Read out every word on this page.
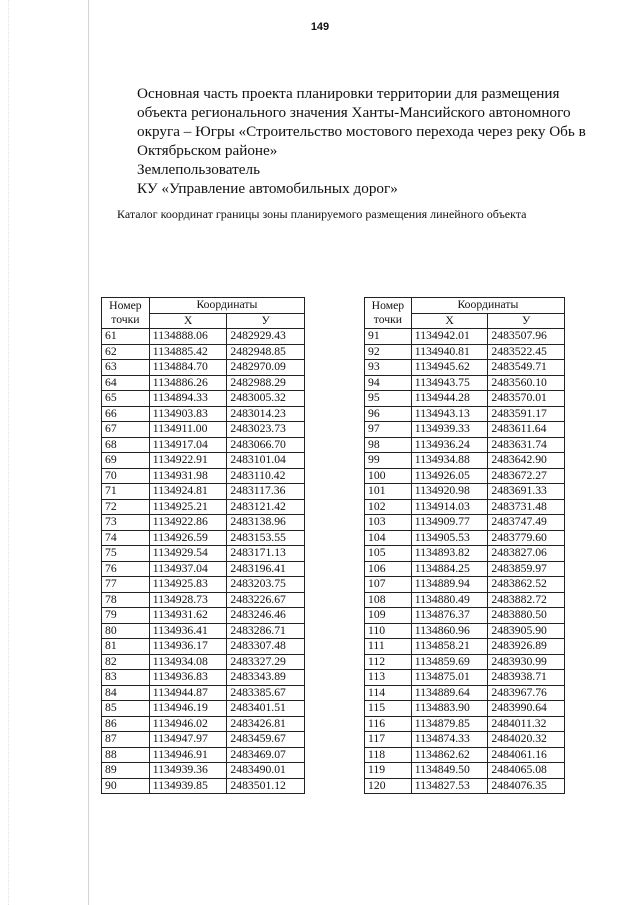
149
Основная часть проекта планировки территории для размещения
объекта регионального значения Ханты-Мансийского автономного
округа – Югры «Строительство мостового перехода через реку Обь в
Октябрьском районе»
Землепользователь
КУ «Управление автомобильных дорог»
Каталог координат границы зоны планируемого размещения линейного объекта
Номер
точки	Координаты	
	X	У
61	1134888.06	2482929.43
62	1134885.42	2482948.85
63	1134884.70	2482970.09
64	1134886.26	2482988.29
65	1134894.33	2483005.32
66	1134903.83	2483014.23
67	1134911.00	2483023.73
68	1134917.04	2483066.70
69	1134922.91	2483101.04
70	1134931.98	2483110.42
71	1134924.81	2483117.36
72	1134925.21	2483121.42
73	1134922.86	2483138.96
74	1134926.59	2483153.55
75	1134929.54	2483171.13
76	1134937.04	2483196.41
77	1134925.83	2483203.75
78	1134928.73	2483226.67
79	1134931.62	2483246.46
80	1134936.41	2483286.71
81	1134936.17	2483307.48
82	1134934.08	2483327.29
83	1134936.83	2483343.89
84	1134944.87	2483385.67
85	1134946.19	2483401.51
86	1134946.02	2483426.81
87	1134947.97	2483459.67
88	1134946.91	2483469.07
89	1134939.36	2483490.01
90	1134939.85	2483501.12
Номер
точки	Координаты	
	X	У
91	1134942.01	2483507.96
92	1134940.81	2483522.45
93	1134945.62	2483549.71
94	1134943.75	2483560.10
95	1134944.28	2483570.01
96	1134943.13	2483591.17
97	1134939.33	2483611.64
98	1134936.24	2483631.74
99	1134934.88	2483642.90
100	1134926.05	2483672.27
101	1134920.98	2483691.33
102	1134914.03	2483731.48
103	1134909.77	2483747.49
104	1134905.53	2483779.60
105	1134893.82	2483827.06
106	1134884.25	2483859.97
107	1134889.94	2483862.52
108	1134880.49	2483882.72
109	1134876.37	2483880.50
110	1134860.96	2483905.90
111	1134858.21	2483926.89
112	1134859.69	2483930.99
113	1134875.01	2483938.71
114	1134889.64	2483967.76
115	1134883.90	2483990.64
116	1134879.85	2484011.32
117	1134874.33	2484020.32
118	1134862.62	2484061.16
119	1134849.50	2484065.08
120	1134827.53	2484076.35
